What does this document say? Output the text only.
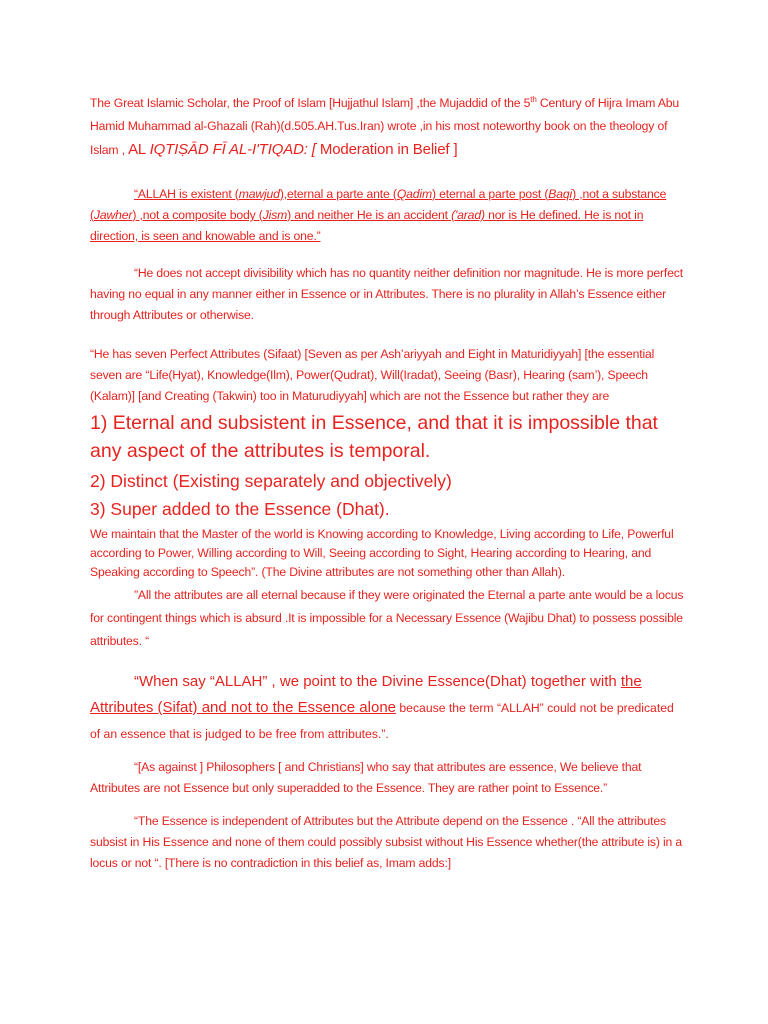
The Great Islamic Scholar, the Proof of Islam [Hujjathul Islam] ,the Mujaddid of the 5th Century of Hijra Imam Abu Hamid Muhammad al-Ghazali (Rah)(d.505.AH.Tus.Iran) wrote ,in his most noteworthy book on the theology of Islam , AL IQTIṢĀD FĪ AL-I'TIQAD: [ Moderation in Belief ]

“ALLAH is existent (mawjud),eternal a parte ante (Qadim) eternal a parte post (Baqi) ,not a substance (Jawher) ,not a composite body (Jism) and neither He is an accident ('arad) nor is He defined. He is not in direction, is seen and knowable and is one.”

“He does not accept divisibility which has no quantity neither definition nor magnitude. He is more perfect having no equal in any manner either in Essence or in Attributes. There is no plurality in Allah’s Essence either through Attributes or otherwise.

“He has seven Perfect Attributes (Sifaat) [Seven as per Ash’ariyyah and Eight in Maturidiyyah] [the essential seven are “Life(Hyat), Knowledge(Ilm), Power(Qudrat), Will(Iradat), Seeing (Basr), Hearing (sam’), Speech (Kalam)] [and Creating (Takwin) too in Maturudiyyah] which are not the Essence but rather they are

1) Eternal and subsistent in Essence, and that it is impossible that any aspect of the attributes is temporal.

2) Distinct (Existing separately and objectively)

3) Super added to the Essence (Dhat).

We maintain that the Master of the world is Knowing according to Knowledge, Living according to Life, Powerful according to Power, Willing according to Will, Seeing according to Sight, Hearing according to Hearing, and Speaking according to Speech”. (The Divine attributes are not something other than Allah).

”All the attributes are all eternal because if they were originated the Eternal a parte ante would be a locus for contingent things which is absurd .It is impossible for a Necessary Essence (Wajibu Dhat) to possess possible attributes. “

“When say “ALLAH” , we point to the Divine Essence(Dhat) together with the Attributes (Sifat) and not to the Essence alone because the term “ALLAH” could not be predicated of an essence that is judged to be free from attributes.”.

“[As against ] Philosophers [ and Christians] who say that attributes are essence, We believe that Attributes are not Essence but only superadded to the Essence. They are rather point to Essence.”

“The Essence is independent of Attributes but the Attribute depend on the Essence . “All the attributes subsist in His Essence and none of them could possibly subsist without His Essence whether(the attribute is) in a locus or not “. [There is no contradiction in this belief as, Imam adds:]
